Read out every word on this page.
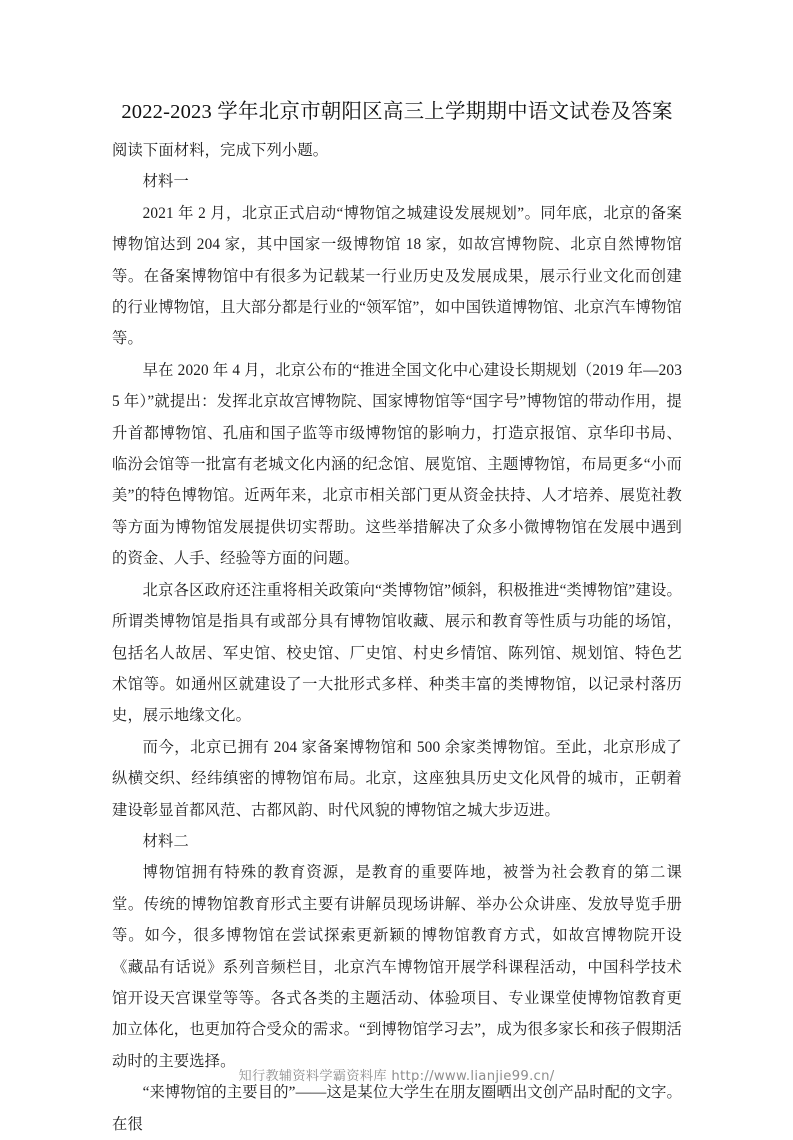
2022-2023 学年北京市朝阳区高三上学期期中语文试卷及答案

阅读下面材料，完成下列小题。

材料一

2021 年 2 月，北京正式启动“博物馆之城建设发展规划”。同年底，北京的备案博物馆达到 204 家，其中国家一级博物馆 18 家，如故宫博物院、北京自然博物馆等。在备案博物馆中有很多为记载某一行业历史及发展成果，展示行业文化而创建的行业博物馆，且大部分都是行业的“领军馆”，如中国铁道博物馆、北京汽车博物馆等。

早在 2020 年 4 月，北京公布的“推进全国文化中心建设长期规划（2019 年—2035 年）”就提出：发挥北京故宫博物院、国家博物馆等“国字号”博物馆的带动作用，提升首都博物馆、孔庙和国子监等市级博物馆的影响力，打造京报馆、京华印书局、临汾会馆等一批富有老城文化内涵的纪念馆、展览馆、主题博物馆，布局更多“小而美”的特色博物馆。近两年来，北京市相关部门更从资金扶持、人才培养、展览社教等方面为博物馆发展提供切实帮助。这些举措解决了众多小微博物馆在发展中遇到的资金、人手、经验等方面的问题。

北京各区政府还注重将相关政策向“类博物馆”倾斜，积极推进“类博物馆”建设。所谓类博物馆是指具有或部分具有博物馆收藏、展示和教育等性质与功能的场馆，包括名人故居、军史馆、校史馆、厂史馆、村史乡情馆、陈列馆、规划馆、特色艺术馆等。如通州区就建设了一大批形式多样、种类丰富的类博物馆，以记录村落历史，展示地缘文化。

而今，北京已拥有 204 家备案博物馆和 500 余家类博物馆。至此，北京形成了纵横交织、经纬缜密的博物馆布局。北京，这座独具历史文化风骨的城市，正朝着建设彰显首都风范、古都风韵、时代风貌的博物馆之城大步迈进。

材料二

博物馆拥有特殊的教育资源，是教育的重要阵地，被誉为社会教育的第二课堂。传统的博物馆教育形式主要有讲解员现场讲解、举办公众讲座、发放导览手册等。如今，很多博物馆在尝试探索更新颖的博物馆教育方式，如故宫博物院开设《藏品有话说》系列音频栏目，北京汽车博物馆开展学科课程活动，中国科学技术馆开设天宫课堂等等。各式各类的主题活动、体验项目、专业课堂使博物馆教育更加立体化，也更加符合受众的需求。“到博物馆学习去”，成为很多家长和孩子假期活动时的主要选择。

“来博物馆的主要目的”——这是某位大学生在朋友圈晒出文创产品时配的文字。在很

知行教辅资料学霸资料库 http://www.lianjie99.cn/
